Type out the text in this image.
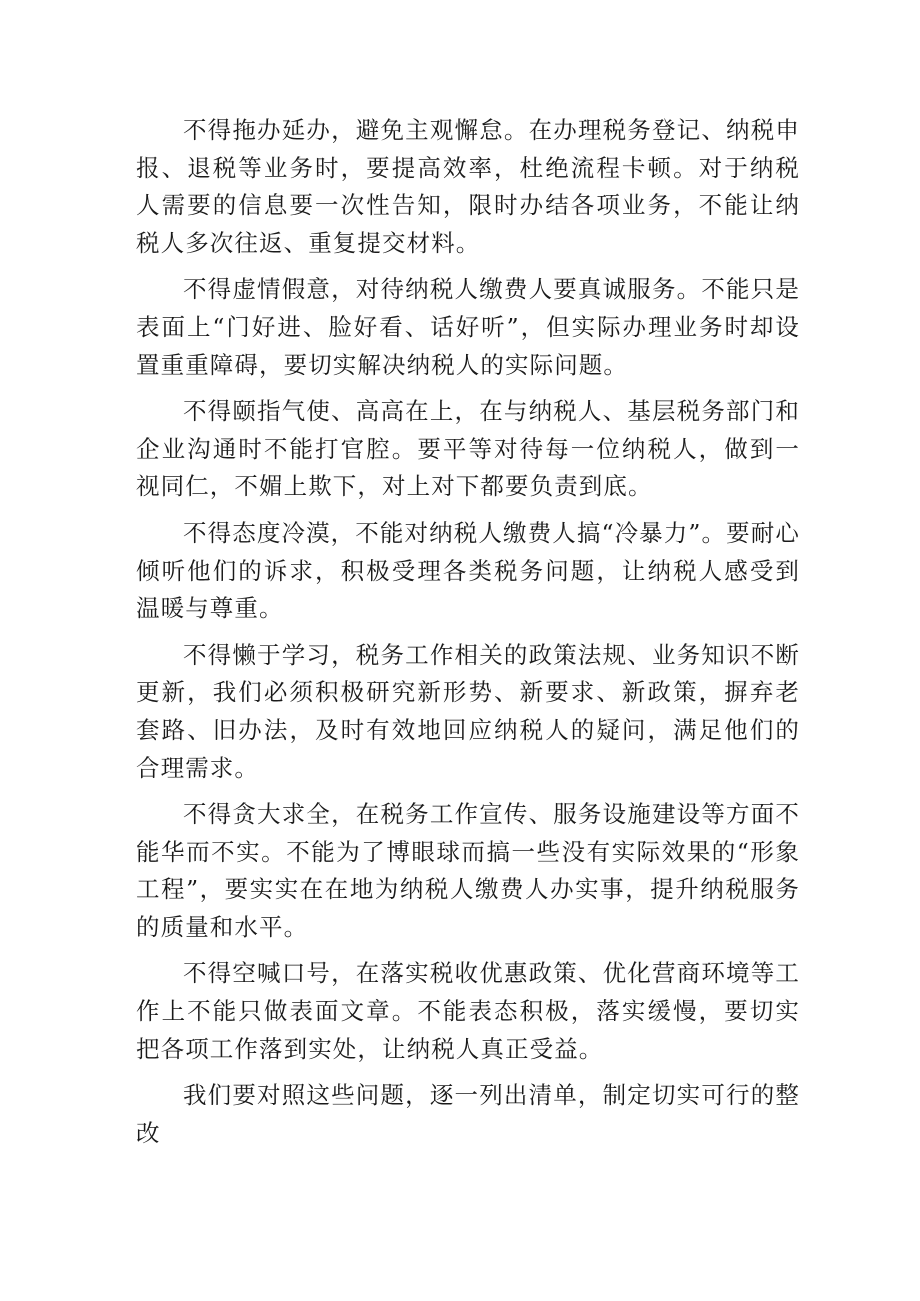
不得拖办延办，避免主观懈怠。在办理税务登记、纳税申报、退税等业务时，要提高效率，杜绝流程卡顿。对于纳税人需要的信息要一次性告知，限时办结各项业务，不能让纳税人多次往返、重复提交材料。

不得虚情假意，对待纳税人缴费人要真诚服务。不能只是表面上“门好进、脸好看、话好听”，但实际办理业务时却设置重重障碍，要切实解决纳税人的实际问题。

不得颐指气使、高高在上，在与纳税人、基层税务部门和企业沟通时不能打官腔。要平等对待每一位纳税人，做到一视同仁，不媚上欺下，对上对下都要负责到底。

不得态度冷漠，不能对纳税人缴费人搞“冷暴力”。要耐心倾听他们的诉求，积极受理各类税务问题，让纳税人感受到温暖与尊重。

不得懒于学习，税务工作相关的政策法规、业务知识不断更新，我们必须积极研究新形势、新要求、新政策，摒弃老套路、旧办法，及时有效地回应纳税人的疑问，满足他们的合理需求。

不得贪大求全，在税务工作宣传、服务设施建设等方面不能华而不实。不能为了博眼球而搞一些没有实际效果的“形象工程”，要实实在在地为纳税人缴费人办实事，提升纳税服务的质量和水平。

不得空喊口号，在落实税收优惠政策、优化营商环境等工作上不能只做表面文章。不能表态积极，落实缓慢，要切实把各项工作落到实处，让纳税人真正受益。

我们要对照这些问题，逐一列出清单，制定切实可行的整改
